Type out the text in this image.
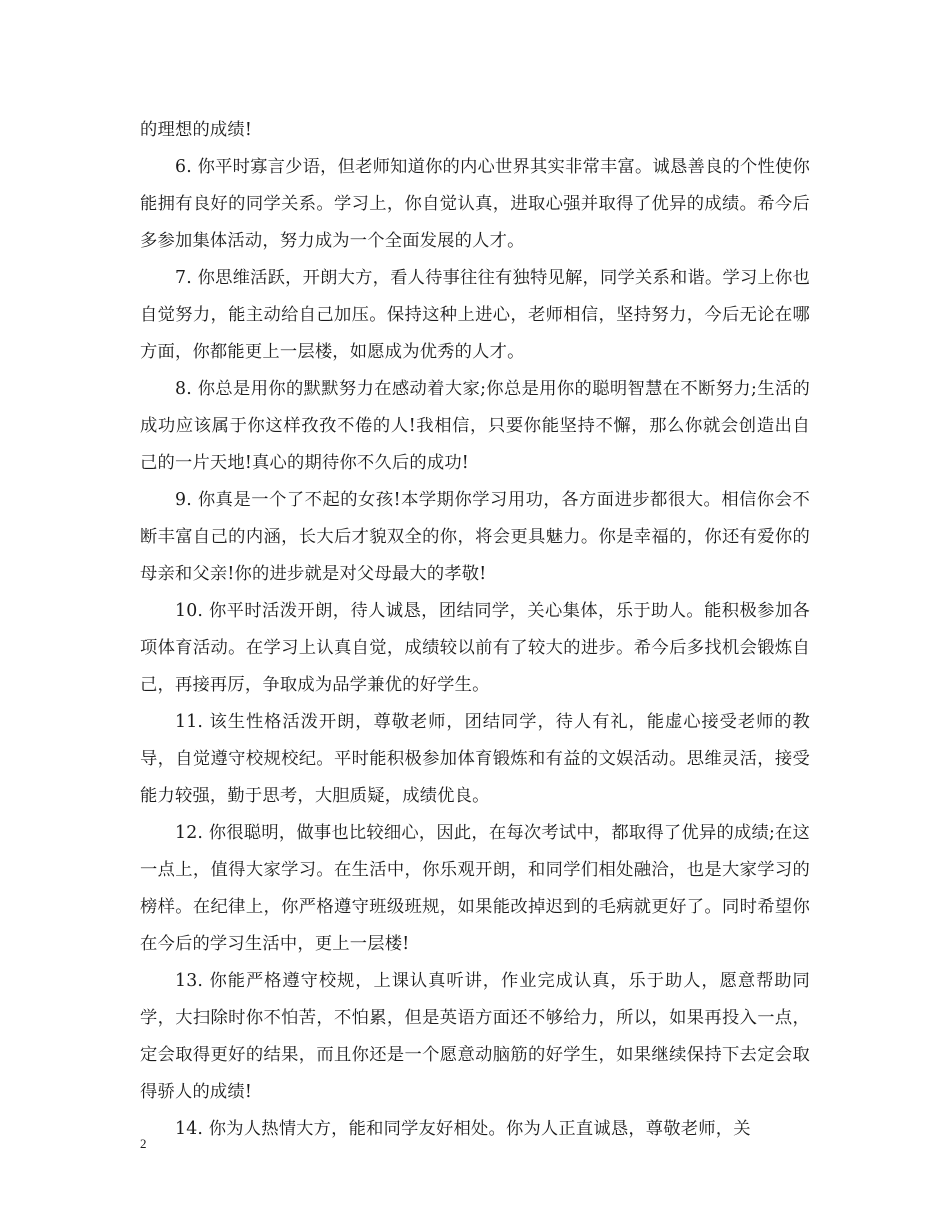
的理想的成绩!

6. 你平时寡言少语，但老师知道你的内心世界其实非常丰富。诚恳善良的个性使你能拥有良好的同学关系。学习上，你自觉认真，进取心强并取得了优异的成绩。希今后多参加集体活动，努力成为一个全面发展的人才。

7. 你思维活跃，开朗大方，看人待事往往有独特见解，同学关系和谐。学习上你也自觉努力，能主动给自己加压。保持这种上进心，老师相信，坚持努力，今后无论在哪方面，你都能更上一层楼，如愿成为优秀的人才。

8. 你总是用你的默默努力在感动着大家;你总是用你的聪明智慧在不断努力;生活的成功应该属于你这样孜孜不倦的人!我相信，只要你能坚持不懈，那么你就会创造出自己的一片天地!真心的期待你不久后的成功!

9. 你真是一个了不起的女孩!本学期你学习用功，各方面进步都很大。相信你会不断丰富自己的内涵，长大后才貌双全的你，将会更具魅力。你是幸福的，你还有爱你的母亲和父亲!你的进步就是对父母最大的孝敬!

10. 你平时活泼开朗，待人诚恳，团结同学，关心集体，乐于助人。能积极参加各项体育活动。在学习上认真自觉，成绩较以前有了较大的进步。希今后多找机会锻炼自己，再接再厉，争取成为品学兼优的好学生。

11. 该生性格活泼开朗，尊敬老师，团结同学，待人有礼，能虚心接受老师的教导，自觉遵守校规校纪。平时能积极参加体育锻炼和有益的文娱活动。思维灵活，接受能力较强，勤于思考，大胆质疑，成绩优良。

12. 你很聪明，做事也比较细心，因此，在每次考试中，都取得了优异的成绩;在这一点上，值得大家学习。在生活中，你乐观开朗，和同学们相处融洽，也是大家学习的榜样。在纪律上，你严格遵守班级班规，如果能改掉迟到的毛病就更好了。同时希望你在今后的学习生活中，更上一层楼!

13. 你能严格遵守校规，上课认真听讲，作业完成认真，乐于助人，愿意帮助同学，大扫除时你不怕苦，不怕累，但是英语方面还不够给力，所以，如果再投入一点，定会取得更好的结果，而且你还是一个愿意动脑筋的好学生，如果继续保持下去定会取得骄人的成绩!

14. 你为人热情大方，能和同学友好相处。你为人正直诚恳，尊敬老师，关

2
